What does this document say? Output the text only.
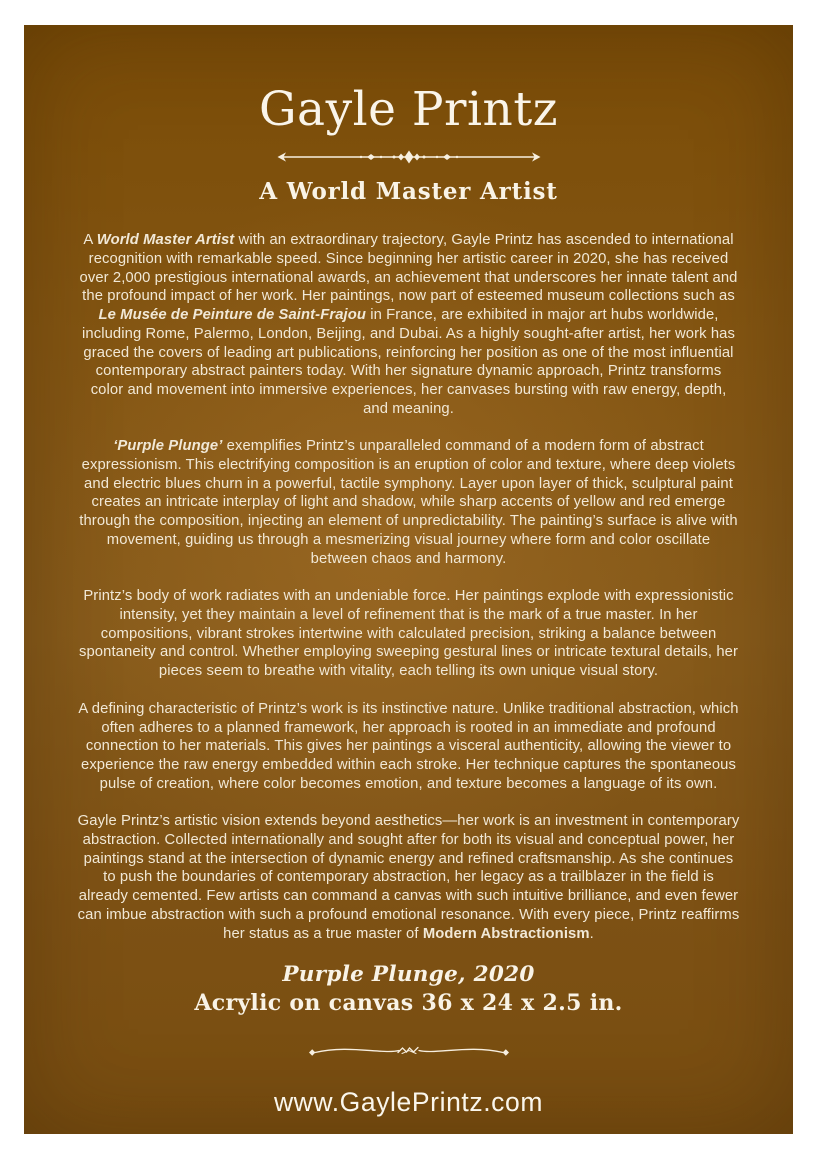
Gayle Printz
A World Master Artist

A World Master Artist with an extraordinary trajectory, Gayle Printz has ascended to international recognition with remarkable speed. Since beginning her artistic career in 2020, she has received over 2,000 prestigious international awards, an achievement that underscores her innate talent and the profound impact of her work. Her paintings, now part of esteemed museum collections such as Le Musée de Peinture de Saint-Frajou in France, are exhibited in major art hubs worldwide, including Rome, Palermo, London, Beijing, and Dubai. As a highly sought-after artist, her work has graced the covers of leading art publications, reinforcing her position as one of the most influential contemporary abstract painters today. With her signature dynamic approach, Printz transforms color and movement into immersive experiences, her canvases bursting with raw energy, depth, and meaning.

‘Purple Plunge’ exemplifies Printz’s unparalleled command of a modern form of abstract expressionism. This electrifying composition is an eruption of color and texture, where deep violets and electric blues churn in a powerful, tactile symphony. Layer upon layer of thick, sculptural paint creates an intricate interplay of light and shadow, while sharp accents of yellow and red emerge through the composition, injecting an element of unpredictability. The painting’s surface is alive with movement, guiding us through a mesmerizing visual journey where form and color oscillate between chaos and harmony.

Printz’s body of work radiates with an undeniable force. Her paintings explode with expressionistic intensity, yet they maintain a level of refinement that is the mark of a true master. In her compositions, vibrant strokes intertwine with calculated precision, striking a balance between spontaneity and control. Whether employing sweeping gestural lines or intricate textural details, her pieces seem to breathe with vitality, each telling its own unique visual story.

A defining characteristic of Printz’s work is its instinctive nature. Unlike traditional abstraction, which often adheres to a planned framework, her approach is rooted in an immediate and profound connection to her materials. This gives her paintings a visceral authenticity, allowing the viewer to experience the raw energy embedded within each stroke. Her technique captures the spontaneous pulse of creation, where color becomes emotion, and texture becomes a language of its own.

Gayle Printz’s artistic vision extends beyond aesthetics—her work is an investment in contemporary abstraction. Collected internationally and sought after for both its visual and conceptual power, her paintings stand at the intersection of dynamic energy and refined craftsmanship. As she continues to push the boundaries of contemporary abstraction, her legacy as a trailblazer in the field is already cemented. Few artists can command a canvas with such intuitive brilliance, and even fewer can imbue abstraction with such a profound emotional resonance. With every piece, Printz reaffirms her status as a true master of Modern Abstractionism.

Purple Plunge, 2020

Acrylic on canvas 36 x 24 x 2.5 in.

www.GaylePrintz.com
